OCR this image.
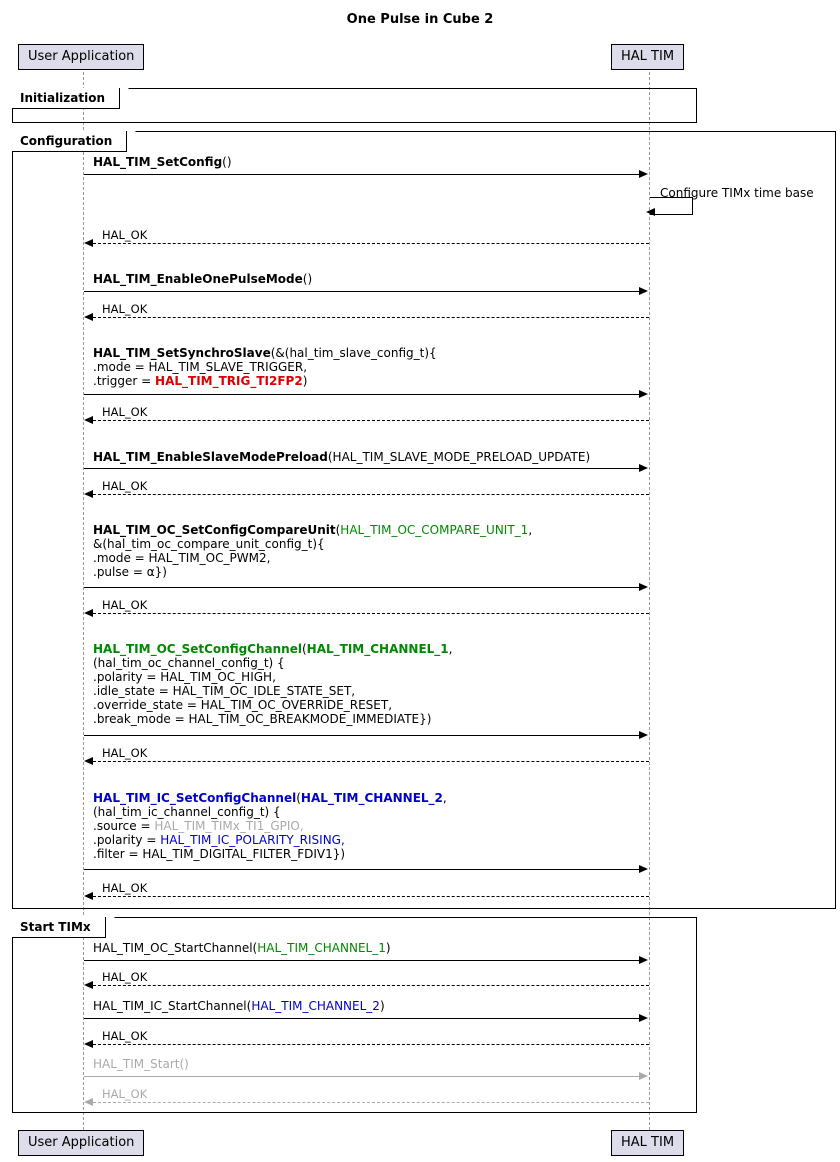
One Pulse in Cube 2
User Application	HAL TIM
User Application	HAL TIM
Initialization
Configuration
HAL_TIM_SetConfig()
Configure TIMx time base
HAL_OK
HAL_TIM_EnableOnePulseMode()
HAL_OK
HAL_TIM_SetSynchroSlave(&(hal_tim_slave_config_t){
.mode = HAL_TIM_SLAVE_TRIGGER,
.trigger = HAL_TIM_TRIG_TI2FP2)
HAL_OK
HAL_TIM_EnableSlaveModePreload(HAL_TIM_SLAVE_MODE_PRELOAD_UPDATE)
HAL_OK
HAL_TIM_OC_SetConfigCompareUnit(HAL_TIM_OC_COMPARE_UNIT_1,
&(hal_tim_oc_compare_unit_config_t){
.mode = HAL_TIM_OC_PWM2,
.pulse = α})
HAL_OK
HAL_TIM_OC_SetConfigChannel(HAL_TIM_CHANNEL_1,
(hal_tim_oc_channel_config_t) {
.polarity = HAL_TIM_OC_HIGH,
.idle_state = HAL_TIM_OC_IDLE_STATE_SET,
.override_state = HAL_TIM_OC_OVERRIDE_RESET,
.break_mode = HAL_TIM_OC_BREAKMODE_IMMEDIATE})
HAL_OK
HAL_TIM_IC_SetConfigChannel(HAL_TIM_CHANNEL_2,
(hal_tim_ic_channel_config_t) {
.source = HAL_TIM_TIMx_TI1_GPIO,
.polarity = HAL_TIM_IC_POLARITY_RISING,
.filter = HAL_TIM_DIGITAL_FILTER_FDIV1})
HAL_OK
Start TIMx
HAL_TIM_OC_StartChannel(HAL_TIM_CHANNEL_1)
HAL_OK
HAL_TIM_IC_StartChannel(HAL_TIM_CHANNEL_2)
HAL_OK
HAL_TIM_Start()
HAL_OK
